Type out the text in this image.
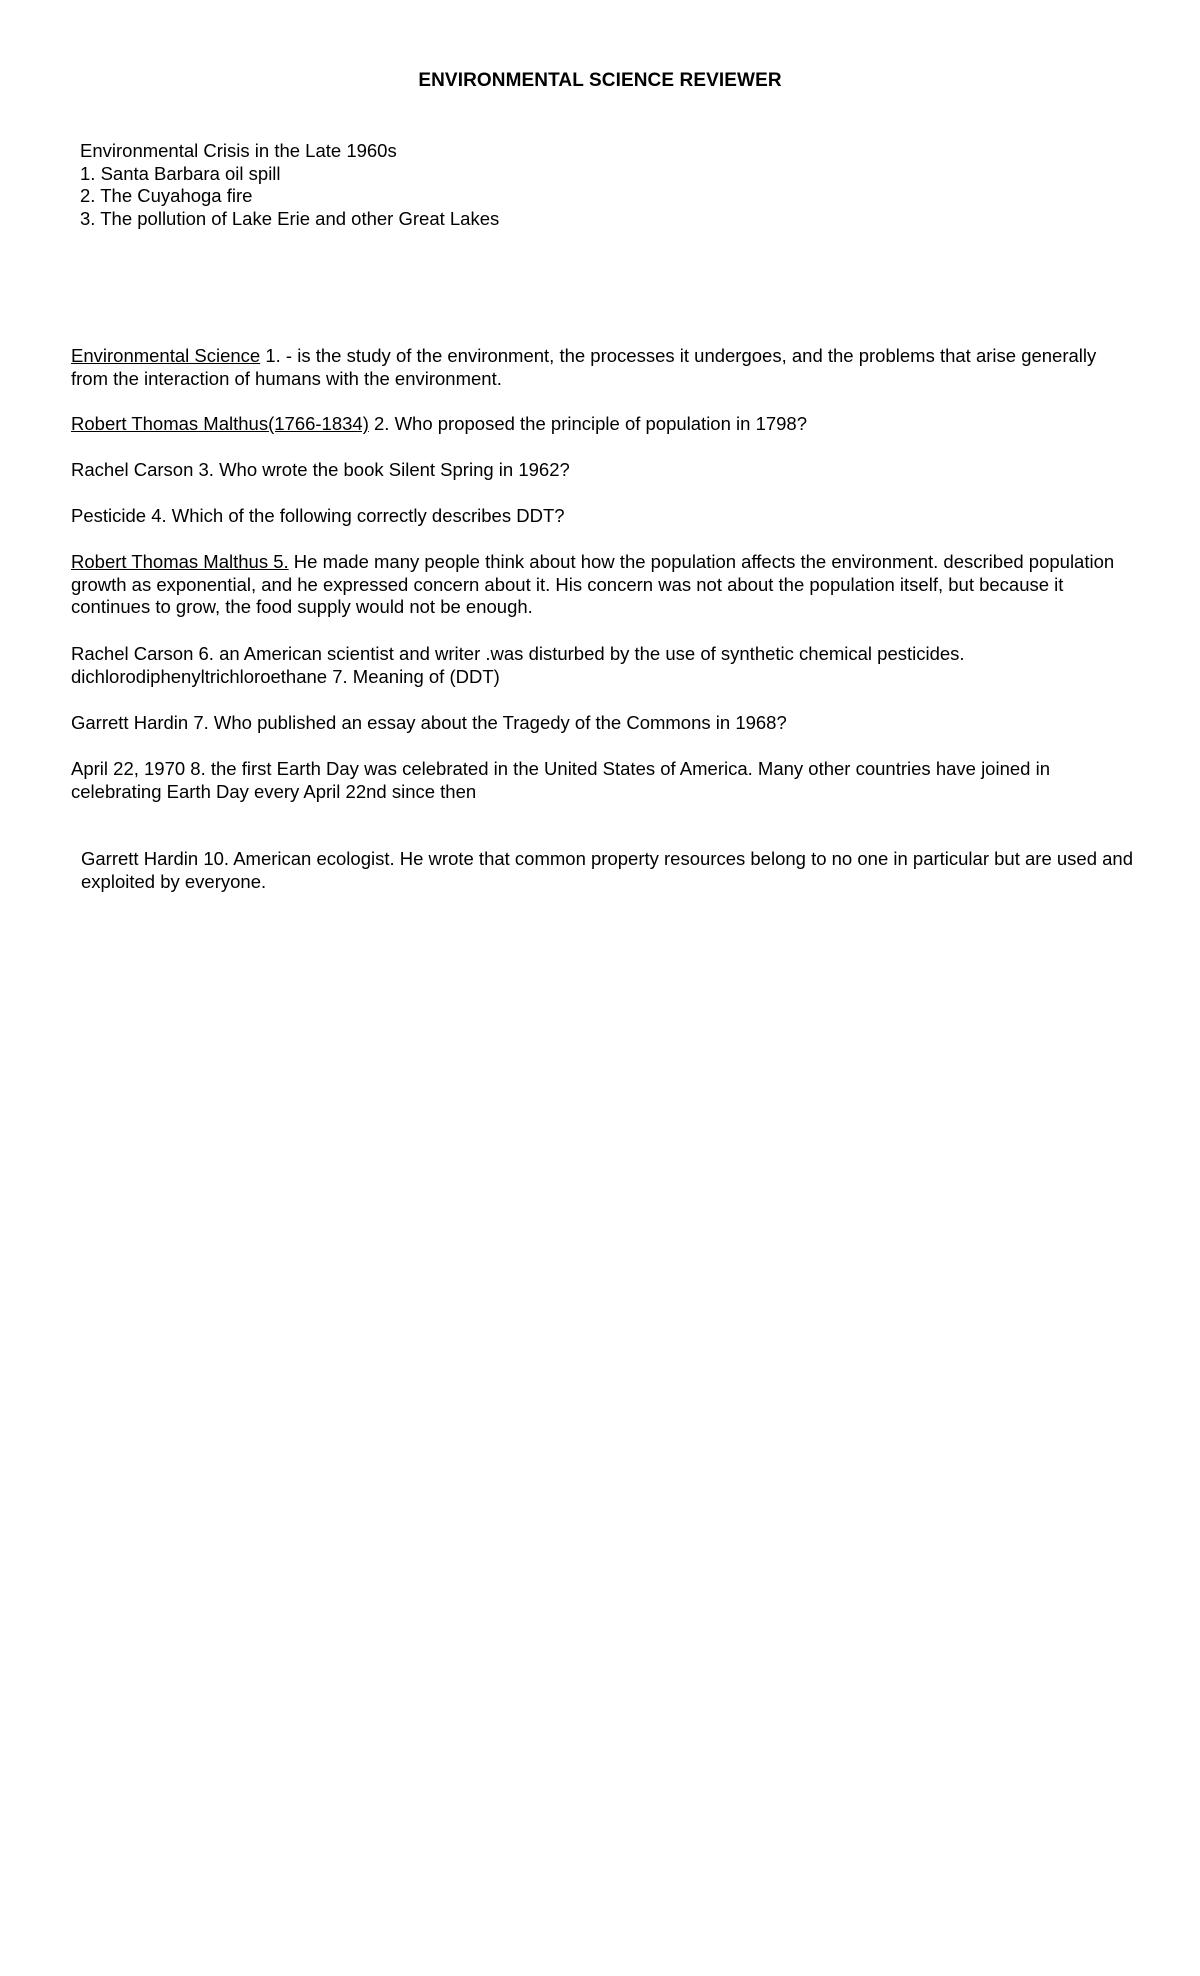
ENVIRONMENTAL SCIENCE REVIEWER
Environmental Crisis in the Late 1960s
1. Santa Barbara oil spill
2. The Cuyahoga fire
3. The pollution of Lake Erie and other Great Lakes
Environmental Science 1. - is the study of the environment, the processes it undergoes, and the problems that arise generally from the interaction of humans with the environment.
Robert Thomas Malthus(1766-1834) 2. Who proposed the principle of population in 1798?
Rachel Carson 3. Who wrote the book Silent Spring in 1962?
Pesticide 4. Which of the following correctly describes DDT?
Robert Thomas Malthus 5. He made many people think about how the population affects the environment. described population growth as exponential, and he expressed concern about it. His concern was not about the population itself, but because it continues to grow, the food supply would not be enough.
Rachel Carson 6. an American scientist and writer .was disturbed by the use of synthetic chemical pesticides.
dichlorodiphenyltrichloroethane 7. Meaning of (DDT)
Garrett Hardin 7. Who published an essay about the Tragedy of the Commons in 1968?
April 22, 1970 8. the first Earth Day was celebrated in the United States of America. Many other countries have joined in celebrating Earth Day every April 22nd since then
Garrett Hardin 10. American ecologist. He wrote that common property resources belong to no one in particular but are used and exploited by everyone.
